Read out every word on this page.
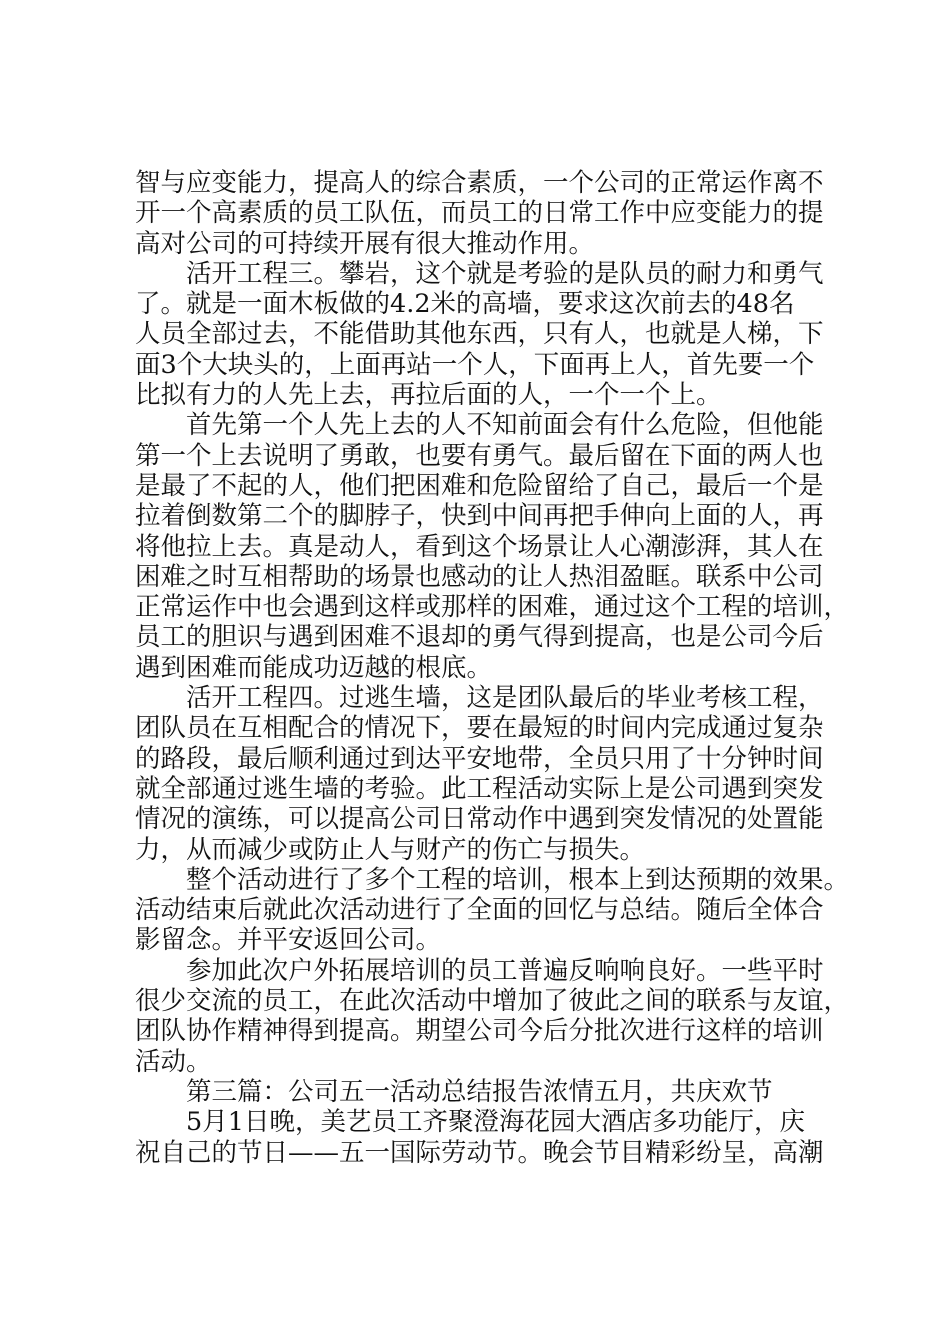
智与应变能力，提高人的综合素质，一个公司的正常运作离不
开一个高素质的员工队伍，而员工的日常工作中应变能力的提
高对公司的可持续开展有很大推动作用。
活开工程三。攀岩，这个就是考验的是队员的耐力和勇气
了。就是一面木板做的4.2米的高墙，要求这次前去的48名
人员全部过去，不能借助其他东西，只有人，也就是人梯，下
面3个大块头的，上面再站一个人，下面再上人，首先要一个
比拟有力的人先上去，再拉后面的人，一个一个上。
首先第一个人先上去的人不知前面会有什么危险，但他能
第一个上去说明了勇敢，也要有勇气。最后留在下面的两人也
是最了不起的人，他们把困难和危险留给了自己，最后一个是
拉着倒数第二个的脚脖子，快到中间再把手伸向上面的人，再
将他拉上去。真是动人，看到这个场景让人心潮澎湃，其人在
困难之时互相帮助的场景也感动的让人热泪盈眶。联系中公司
正常运作中也会遇到这样或那样的困难，通过这个工程的培训，
员工的胆识与遇到困难不退却的勇气得到提高，也是公司今后
遇到困难而能成功迈越的根底。
活开工程四。过逃生墙，这是团队最后的毕业考核工程，
团队员在互相配合的情况下，要在最短的时间内完成通过复杂
的路段，最后顺利通过到达平安地带，全员只用了十分钟时间
就全部通过逃生墙的考验。此工程活动实际上是公司遇到突发
情况的演练，可以提高公司日常动作中遇到突发情况的处置能
力，从而减少或防止人与财产的伤亡与损失。
整个活动进行了多个工程的培训，根本上到达预期的效果。
活动结束后就此次活动进行了全面的回忆与总结。随后全体合
影留念。并平安返回公司。
参加此次户外拓展培训的员工普遍反响响良好。一些平时
很少交流的员工，在此次活动中增加了彼此之间的联系与友谊，
团队协作精神得到提高。期望公司今后分批次进行这样的培训
活动。
第三篇：公司五一活动总结报告浓情五月，共庆欢节
5月1日晚，美艺员工齐聚澄海花园大酒店多功能厅，庆
祝自己的节日——五一国际劳动节。晚会节目精彩纷呈，高潮
